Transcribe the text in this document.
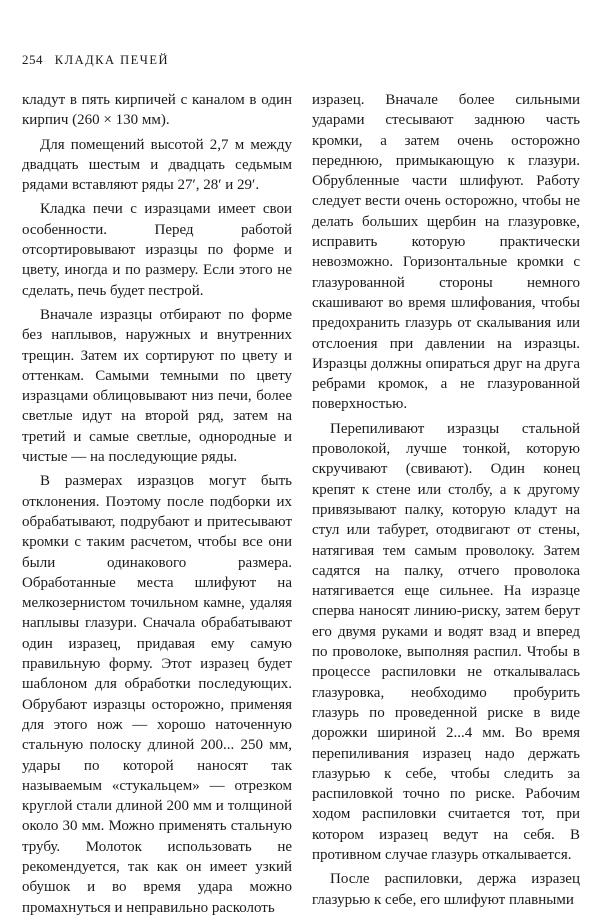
254 КЛАДКА ПЕЧЕЙ

кладут в пять кирпичей с каналом в один кирпич (260 × 130 мм).

Для помещений высотой 2,7 м между двадцать шестым и двадцать седьмым рядами вставляют ряды 27′, 28′ и 29′.

Кладка печи с изразцами имеет свои особенности. Перед работой отсортировывают изразцы по форме и цвету, иногда и по размеру. Если этого не сделать, печь будет пестрой.

Вначале изразцы отбирают по форме без наплывов, наружных и внутренних трещин. Затем их сортируют по цвету и оттенкам. Самыми темными по цвету изразцами облицовывают низ печи, более светлые идут на второй ряд, затем на третий и самые светлые, однородные и чистые — на последующие ряды.

В размерах изразцов могут быть отклонения. Поэтому после подборки их обрабатывают, подрубают и притесывают кромки с таким расчетом, чтобы все они были одинакового размера. Обработанные места шлифуют на мелкозернистом точильном камне, удаляя наплывы глазури. Сначала обрабатывают один изразец, придавая ему самую правильную форму. Этот изразец будет шаблоном для обработки последующих. Обрубают изразцы осторожно, применяя для этого нож — хорошо наточенную стальную полоску длиной 200... 250 мм, удары по которой наносят так называемым «стукальцем» — отрезком круглой стали длиной 200 мм и толщиной около 30 мм. Можно применять стальную трубу. Молоток использовать не рекомендуется, так как он имеет узкий обушок и во время удара можно промахнуться и неправильно расколоть

изразец. Вначале более сильными ударами стесывают заднюю часть кромки, а затем очень осторожно переднюю, примыкающую к глазури. Обрубленные части шлифуют. Работу следует вести очень осторожно, чтобы не делать больших щербин на глазуровке, исправить которую практически невозможно. Горизонтальные кромки с глазурованной стороны немного скашивают во время шлифования, чтобы предохранить глазурь от скалывания или отслоения при давлении на изразцы. Изразцы должны опираться друг на друга ребрами кромок, а не глазурованной поверхностью.

Перепиливают изразцы стальной проволокой, лучше тонкой, которую скручивают (свивают). Один конец крепят к стене или столбу, а к другому привязывают палку, которую кладут на стул или табурет, отодвигают от стены, натягивая тем самым проволоку. Затем садятся на палку, отчего проволока натягивается еще сильнее. На изразце сперва наносят линию-риску, затем берут его двумя руками и водят взад и вперед по проволоке, выполняя распил. Чтобы в процессе распиловки не откалывалась глазуровка, необходимо пробурить глазурь по проведенной риске в виде дорожки шириной 2...4 мм. Во время перепиливания изразец надо держать глазурью к себе, чтобы следить за распиловкой точно по риске. Рабочим ходом распиловки считается тот, при котором изразец ведут на себя. В противном случае глазурь откалывается.

После распиловки, держа изразец глазурью к себе, его шлифуют плавными
